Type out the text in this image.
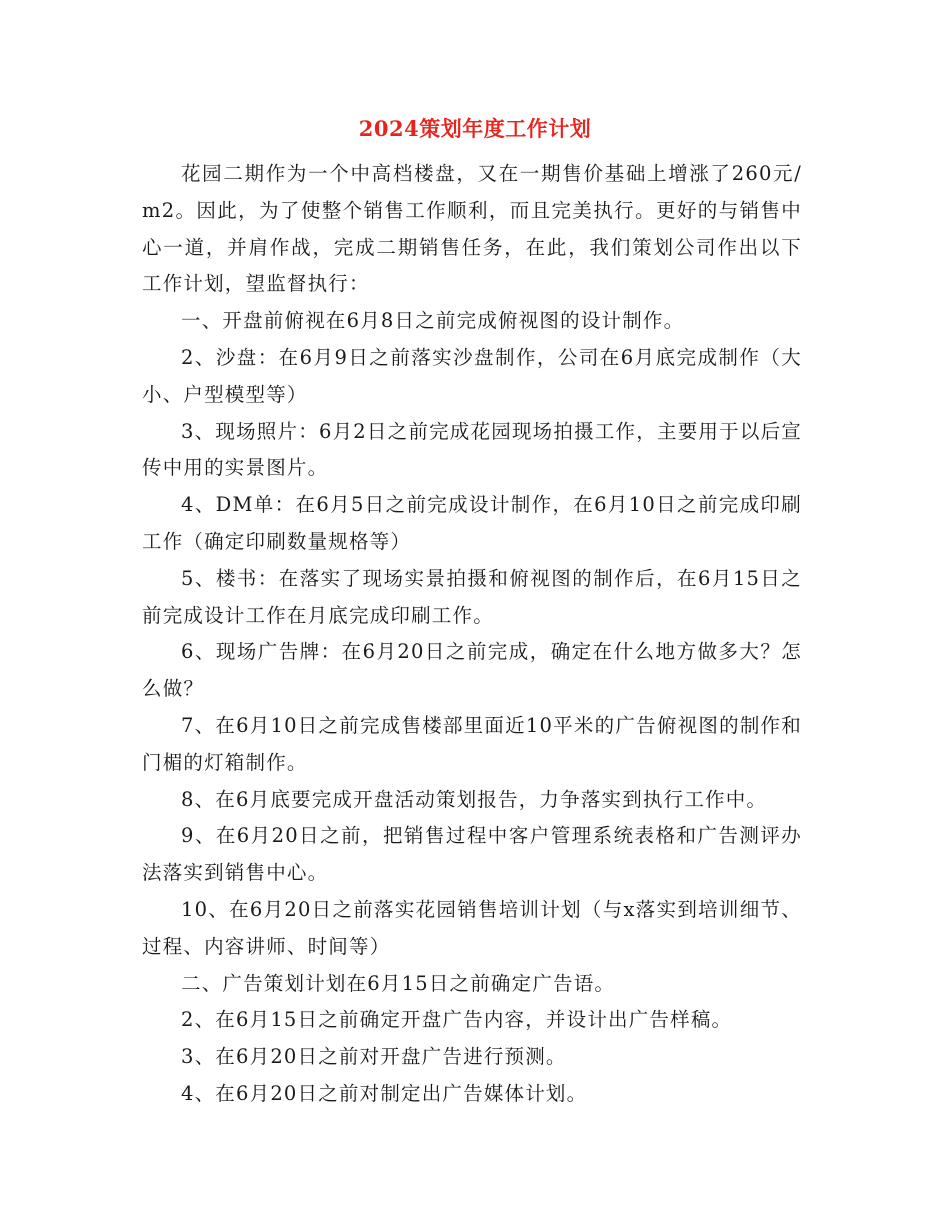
2024策划年度工作计划

花园二期作为一个中高档楼盘，又在一期售价基础上增涨了260元/m2。因此，为了使整个销售工作顺利，而且完美执行。更好的与销售中心一道，并肩作战，完成二期销售任务，在此，我们策划公司作出以下工作计划，望监督执行：

一、开盘前俯视在6月8日之前完成俯视图的设计制作。

2、沙盘：在6月9日之前落实沙盘制作，公司在6月底完成制作（大小、户型模型等）

3、现场照片：6月2日之前完成花园现场拍摄工作，主要用于以后宣传中用的实景图片。

4、DM单：在6月5日之前完成设计制作，在6月10日之前完成印刷工作（确定印刷数量规格等）

5、楼书：在落实了现场实景拍摄和俯视图的制作后，在6月15日之前完成设计工作在月底完成印刷工作。

6、现场广告牌：在6月20日之前完成，确定在什么地方做多大？怎么做？

7、在6月10日之前完成售楼部里面近10平米的广告俯视图的制作和门楣的灯箱制作。

8、在6月底要完成开盘活动策划报告，力争落实到执行工作中。

9、在6月20日之前，把销售过程中客户管理系统表格和广告测评办法落实到销售中心。

10、在6月20日之前落实花园销售培训计划（与x落实到培训细节、过程、内容讲师、时间等）

二、广告策划计划在6月15日之前确定广告语。

2、在6月15日之前确定开盘广告内容，并设计出广告样稿。

3、在6月20日之前对开盘广告进行预测。

4、在6月20日之前对制定出广告媒体计划。
